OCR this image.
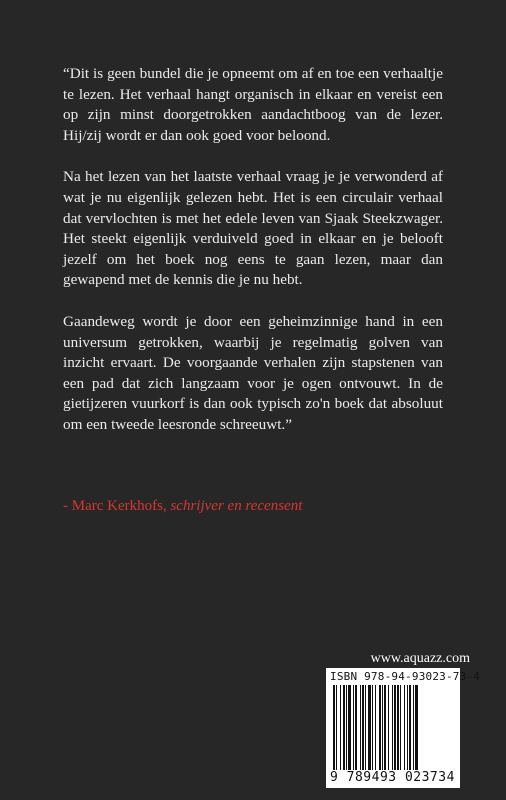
“Dit is geen bundel die je opneemt om af en toe een verhaaltje te lezen. Het verhaal hangt organisch in elkaar en vereist een op zijn minst doorgetrokken aandachtboog van de lezer. Hij/zij wordt er dan ook goed voor beloond.

Na het lezen van het laatste verhaal vraag je je verwonderd af wat je nu eigenlijk gelezen hebt. Het is een circulair verhaal dat vervlochten is met het edele leven van Sjaak Steekzwager. Het steekt eigenlijk verduiveld goed in elkaar en je belooft jezelf om het boek nog eens te gaan lezen, maar dan gewapend met de kennis die je nu hebt.

Gaandeweg wordt je door een geheimzinnige hand in een universum getrokken, waarbij je regelmatig golven van inzicht ervaart. De voorgaande verhalen zijn stapstenen van een pad dat zich langzaam voor je ogen ontvouwt. In de gietijzeren vuurkorf is dan ook typisch zo'n boek dat absoluut om een tweede leesronde schreeuwt.”

- Marc Kerkhofs, schrijver en recensent

www.aquazz.com
ISBN 978-94-93023-73-4
9 789493 023734
